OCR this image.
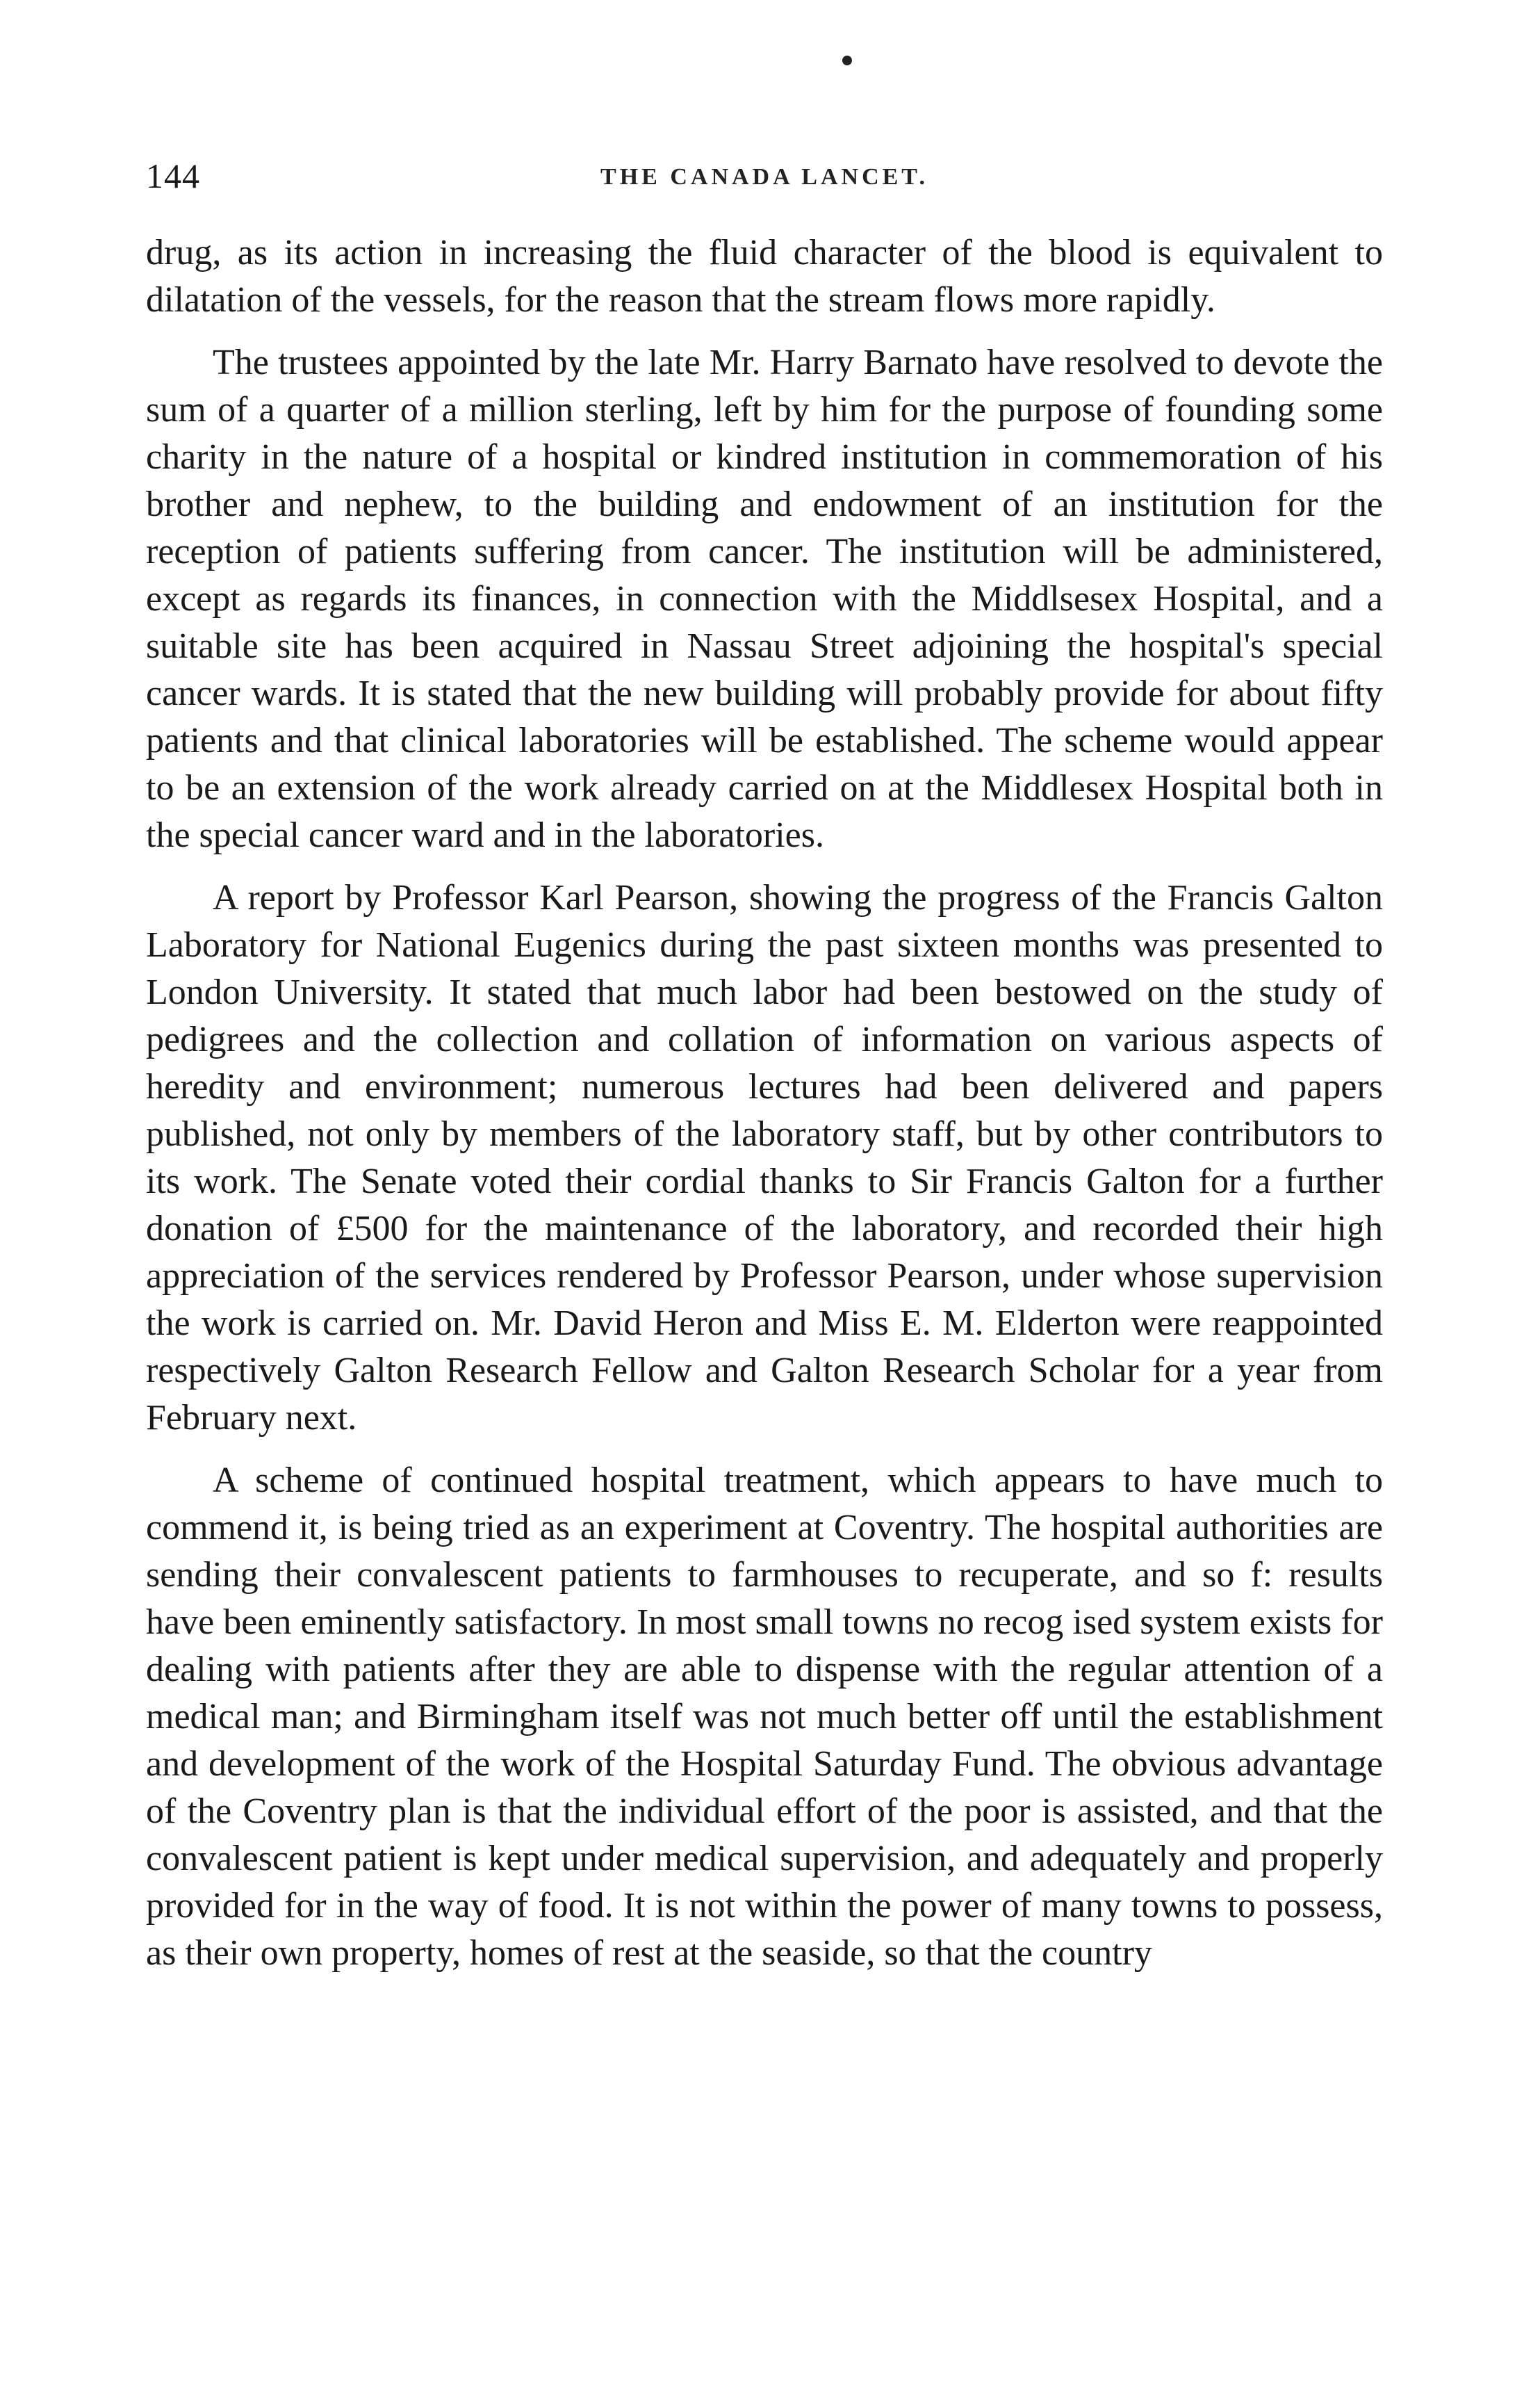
144	THE CANADA LANCET.

drug, as its action in increasing the fluid character of the blood is equivalent to dilatation of the vessels, for the reason that the stream flows more rapidly.

The trustees appointed by the late Mr. Harry Barnato have resolved to devote the sum of a quarter of a million sterling, left by him for the purpose of founding some charity in the nature of a hospital or kindred institution in commemoration of his brother and nephew, to the building and endowment of an institution for the reception of patients suffering from cancer. The institution will be administered, except as regards its finances, in connection with the Middlsesex Hospital, and a suitable site has been acquired in Nassau Street adjoining the hospital's special cancer wards. It is stated that the new building will probably provide for about fifty patients and that clinical laboratories will be established. The scheme would appear to be an extension of the work already carried on at the Middlesex Hospital both in the special cancer ward and in the laboratories.

A report by Professor Karl Pearson, showing the progress of the Francis Galton Laboratory for National Eugenics during the past sixteen months was presented to London University. It stated that much labor had been bestowed on the study of pedigrees and the collection and collation of information on various aspects of heredity and environment; numerous lectures had been delivered and papers published, not only by members of the laboratory staff, but by other contributors to its work. The Senate voted their cordial thanks to Sir Francis Galton for a further donation of £500 for the maintenance of the laboratory, and recorded their high appreciation of the services rendered by Professor Pearson, under whose supervision the work is carried on. Mr. David Heron and Miss E. M. Elderton were reappointed respectively Galton Research Fellow and Galton Research Scholar for a year from February next.

A scheme of continued hospital treatment, which appears to have much to commend it, is being tried as an experiment at Coventry. The hospital authorities are sending their convalescent patients to farmhouses to recuperate, and so f: results have been eminently satisfactory. In most small towns no recog ised system exists for dealing with patients after they are able to dispense with the regular attention of a medical man; and Birmingham itself was not much better off until the establishment and development of the work of the Hospital Saturday Fund. The obvious advantage of the Coventry plan is that the individual effort of the poor is assisted, and that the convalescent patient is kept under medical supervision, and adequately and properly provided for in the way of food. It is not within the power of many towns to possess, as their own property, homes of rest at the seaside, so that the country
